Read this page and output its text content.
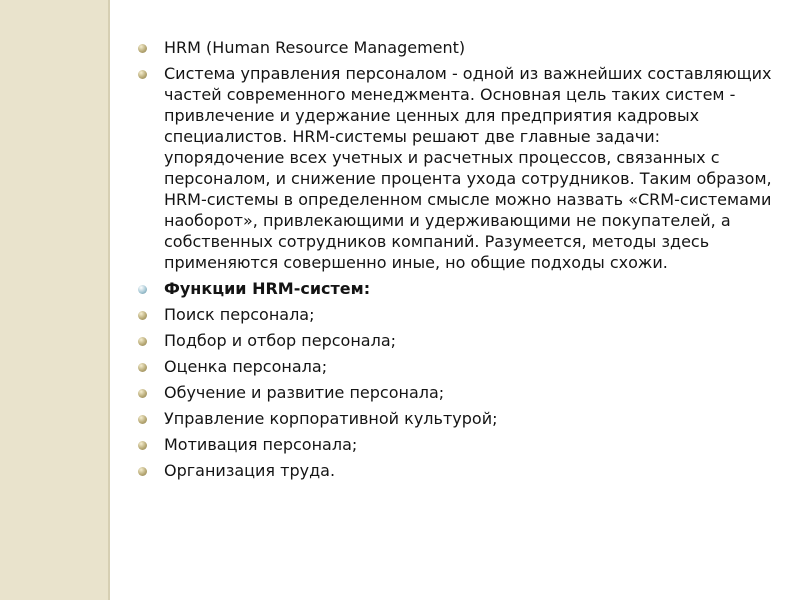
HRM (Human Resource Management)
Система управления персоналом - одной из важнейших составляющих частей современного менеджмента. Основная цель таких систем - привлечение и удержание ценных для предприятия кадровых специалистов. HRM-системы решают две главные задачи: упорядочение всех учетных и расчетных процессов, связанных с персоналом, и снижение процента ухода сотрудников. Таким образом, HRM-системы в определенном смысле можно назвать «CRM-системами наоборот», привлекающими и удерживающими не покупателей, а собственных сотрудников компаний. Разумеется, методы здесь применяются совершенно иные, но общие подходы схожи.
Функции HRM-систем:
Поиск персонала;
Подбор и отбор персонала;
Оценка персонала;
Обучение и развитие персонала;
Управление корпоративной культурой;
Мотивация персонала;
Организация труда.
